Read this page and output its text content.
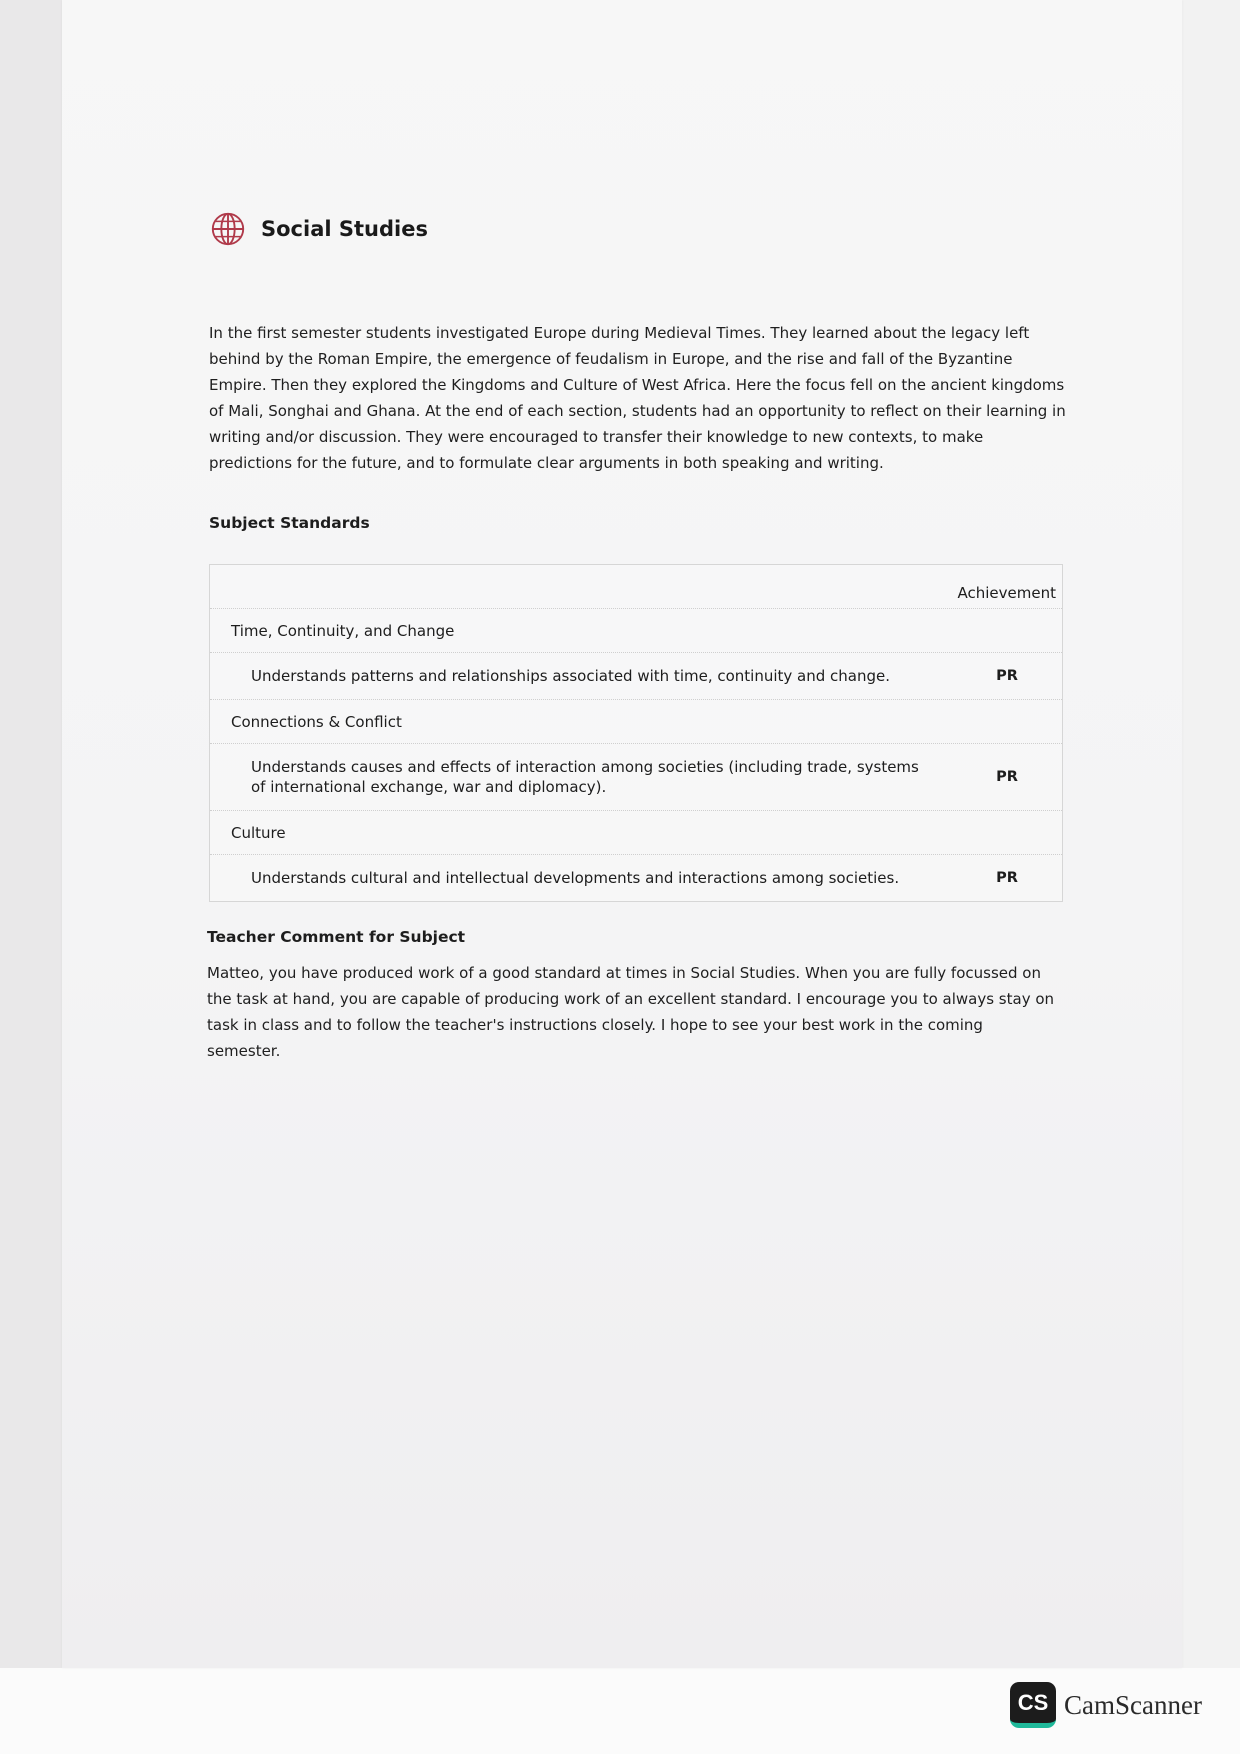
Social Studies

In the first semester students investigated Europe during Medieval Times. They learned about the legacy left behind by the Roman Empire, the emergence of feudalism in Europe, and the rise and fall of the Byzantine Empire. Then they explored the Kingdoms and Culture of West Africa. Here the focus fell on the ancient kingdoms of Mali, Songhai and Ghana. At the end of each section, students had an opportunity to reflect on their learning in writing and/or discussion. They were encouraged to transfer their knowledge to new contexts, to make predictions for the future, and to formulate clear arguments in both speaking and writing.

Subject Standards

Achievement
Time, Continuity, and Change
Understands patterns and relationships associated with time, continuity and change.	PR
Connections & Conflict
Understands causes and effects of interaction among societies (including trade, systems of international exchange, war and diplomacy).
PR
Culture
Understands cultural and intellectual developments and interactions among societies.	PR

Teacher Comment for Subject

Matteo, you have produced work of a good standard at times in Social Studies. When you are fully focussed on the task at hand, you are capable of producing work of an excellent standard. I encourage you to always stay on task in class and to follow the teacher's instructions closely. I hope to see your best work in the coming semester.

CS CamScanner
